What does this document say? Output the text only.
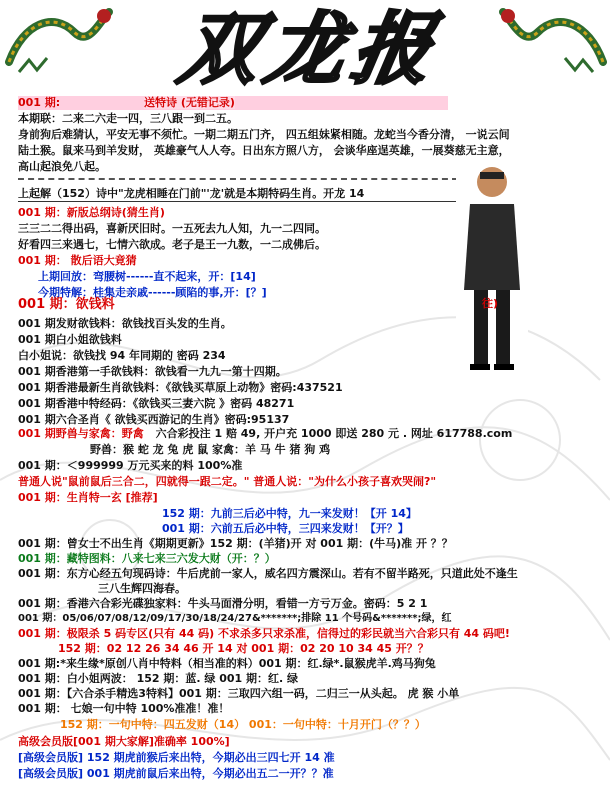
双龙报
001 期:	送特诗 (无错记录)
本期联：二来二六走一四，三八跟一到二五。
身前狗后难猜认，平安无事不须忙。一期二期五门齐， 四五组妹紧相随。龙蛇当今香分清， 一说云间
陆土猴。鼠来马到羊发财， 英雄豪气人人夸。日出东方照八方， 会谈华座逞英雄，一展葵慈无主意，
高山起浪免八起。
上起解（152）诗中"龙虎相睡在门前"'龙'就是本期特码生肖。开龙 14
001 期：新版总纲诗(猜生肖)
三三二二得出码，喜新厌旧时。一五死去九人知，九一二四同。
好看四三来遇七，七情六欲成。老子是王一九数，一二成佛后。
001 期： 散后语大竟猜
上期回放：弯腰树------直不起来，开：[14]
今期特解：桂集走亲戚------顾陷的事,开：[？]
往)
001 期：欲钱料
001 期发财欲钱料：欲钱找百头发的生肖。
001 期白小姐欲钱料
白小姐说：欲钱找 94 年同期的 密码 234
001 期香港第一手欲钱料：欲钱看一九九一第十四期。
001 期香港最新生肖欲钱料：《欲钱买草原上动物》密码:437521
001 期香港中特经码：《欲钱买三妻六院 》密码 48271
001 期六合圣肖《 欲钱买西游记的生肖》密码:95137
001 期野兽与家禽：野禽 六合彩投注 1 赔 49, 开户充 1000 即送 280 元 . 网址 617788.com
野兽：猴 蛇 龙 兔 虎 鼠 家禽：羊 马 牛 猪 狗 鸡
001 期：＜999999 万元买来的料 100%准
普通人说"鼠前鼠后三合二，四就得一跟二定。" 普通人说："为什么小孩子喜欢哭闹?"
001 期：生肖特一玄 [推荐]
152 期：九前三后必中特，九一来发财！【开 14】
001 期：六前五后必中特，三四来发财！【开？】
001 期：曾女士不出生肖《期期更新》152 期：(羊猪)开 对 001 期：(牛马)准 开 ？？
001 期：藏特图料：八来七来三六发大财（开：？）
001 期：东方心经五句现码诗：牛后虎前一家人，威名四方震深山。若有不留半路死，只道此处不逢生
三八生辉四海春。
001 期：香港六合彩光碟独家料：牛头马面滑分明，看错一方亏万金。密码：5 2 1
001 期：05/06/07/08/12/09/17/30/18/24/27&*******;排除 11 个号码&*******;绿，红
001 期：极限杀 5 码专区(只有 44 码) 不求杀多只求杀准，信得过的彩民就当六合彩只有 44 码吧!
152 期：02 12 26 34 46 开 14 对 001 期：02 20 10 34 45 开？？
001 期:*来生缘*原创八肖中特料（相当准的料）001 期：红.绿*.鼠猴虎羊.鸡马狗兔
001 期：白小姐两波： 152 期：蓝. 绿 001 期：红. 绿
001 期：【六合杀手精选3特料】001 期：三取四六组一码，二归三一从头起。 虎 猴 小单
001 期： 七娘一句中特 100%准准！准！
152 期：一句中特：四五发财（14） 001：一句中特：十月开门（？？）
高级会员版[001 期大家解]准确率 100%]
[高级会员版] 152 期虎前猴后来出特，今期必出三四七开 14 准
[高级会员版] 001 期虎前鼠后来出特，今期必出五二一开？？准
